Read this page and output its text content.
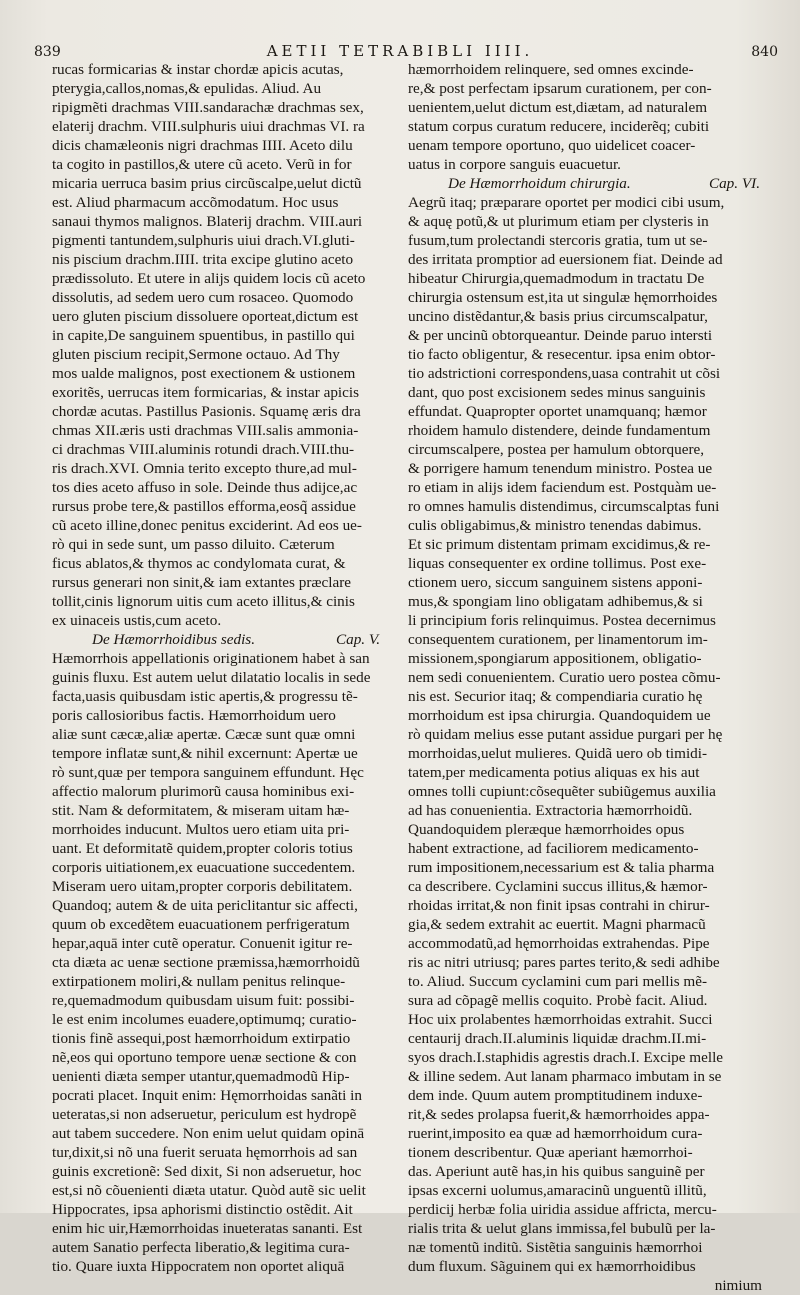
839	AETII TETRABIBLI IIII.	840
rucas formicarias & instar chordæ apicis acutas,
pterygia,callos,nomas,& epulidas. Aliud. Au
ripigmẽti drachmas VIII.sandarachæ drachmas sex,
elaterij drachm. VIII.sulphuris uiui drachmas VI. ra
dicis chamæleonis nigri drachmas IIII. Aceto dilu
ta cogito in pastillos,& utere cũ aceto. Verũ in for
micaria uerruca basim prius circũscalpe,uelut dictũ
est. Aliud pharmacum accõmodatum. Hoc usus
sanaui thymos malignos. Blaterij drachm. VIII.auri
pigmenti tantundem,sulphuris uiui drach.VI.gluti-
nis piscium drachm.IIII. trita excipe glutino aceto
prædissoluto. Et utere in alijs quidem locis cũ aceto
dissolutis, ad sedem uero cum rosaceo. Quomodo
uero gluten piscium dissoluere oporteat,dictum est
in capite,De sanguinem spuentibus, in pastillo qui
gluten piscium recipit,Sermone octauo. Ad Thy
mos ualde malignos, post exectionem & ustionem
exoritẽs, uerrucas item formicarias, & instar apicis
chordæ acutas. Pastillus Pasionis. Squamę æris dra
chmas XII.æris usti drachmas VIII.salis ammonia-
ci drachmas VIII.aluminis rotundi drach.VIII.thu-
ris drach.XVI. Omnia terito excepto thure,ad mul-
tos dies aceto affuso in sole. Deinde thus adijce,ac
rursus probe tere,& pastillos efforma,eosq̃ assidue
cũ aceto illine,donec penitus exciderint. Ad eos ue-
rò qui in sede sunt, um passo diluito. Cæterum
ficus ablatos,& thymos ac condylomata curat, &
rursus generari non sinit,& iam extantes præclare
tollit,cinis lignorum uitis cum aceto illitus,& cinis
ex uinaceis ustis,cum aceto.
De Hæmorrhoidibus sedis.	Cap. V.
Hæmorrhois appellationis originationem habet à san
guinis fluxu. Est autem uelut dilatatio localis in sede
facta,uasis quibusdam istic apertis,& progressu tẽ-
poris callosioribus factis. Hæmorrhoidum uero
aliæ sunt cæcæ,aliæ apertæ. Cæcæ sunt quæ omni
tempore inflatæ sunt,& nihil excernunt: Apertæ ue
rò sunt,quæ per tempora sanguinem effundunt. Hęc
affectio malorum plurimorũ causa hominibus exi-
stit. Nam & deformitatem, & miseram uitam hæ-
morrhoides inducunt. Multos uero etiam uita pri-
uant. Et deformitatẽ quidem,propter coloris totius
corporis uitiationem,ex euacuatione succedentem.
Miseram uero uitam,propter corporis debilitatem.
Quandoq; autem & de uita periclitantur sic affecti,
quum ob excedẽtem euacuationem perfrigeratum
hepar,aquā inter cutẽ operatur. Conuenit igitur re-
cta diæta ac uenæ sectione præmissa,hæmorrhoidũ
extirpationem moliri,& nullam penitus relinque-
re,quemadmodum quibusdam uisum fuit: possibi-
le est enim incolumes euadere,optimumq; curatio-
tionis finẽ assequi,post hæmorrhoidum extirpatio
nẽ,eos qui oportuno tempore uenæ sectione & con
uenienti diæta semper utantur,quemadmodũ Hip-
pocrati placet. Inquit enim: Hęmorrhoidas sanãti in
ueteratas,si non adseruetur, periculum est hydropẽ
aut tabem succedere. Non enim uelut quidam opinā
tur,dixit,si nõ una fuerit seruata hęmorrhois ad san
guinis excretionẽ: Sed dixit, Si non adseruetur, hoc
est,si nõ cõuenienti diæta utatur. Quòd autẽ sic uelit
Hippocrates, ipsa aphorismi distinctio ostẽdit. Ait
enim hic uir,Hæmorrhoidas inueteratas sananti. Est
autem Sanatio perfecta liberatio,& legitima cura-
tio. Quare iuxta Hippocratem non oportet aliquā
hæmorrhoidem relinquere, sed omnes excinde-
re,& post perfectam ipsarum curationem, per con-
uenientem,uelut dictum est,diætam, ad naturalem
statum corpus curatum reducere, inciderẽq; cubiti
uenam tempore oportuno, quo uidelicet coacer-
uatus in corpore sanguis euacuetur.
De Hæmorrhoidum chirurgia.	Cap. VI.
Aegrũ itaq; præparare oportet per modici cibi usum,
& aquę potũ,& ut plurimum etiam per clysteris in
fusum,tum prolectandi stercoris gratia, tum ut se-
des irritata promptior ad euersionem fiat. Deinde ad
hibeatur Chirurgia,quemadmodum in tractatu De
chirurgia ostensum est,ita ut singulæ hęmorrhoides
uncino distẽdantur,& basis prius circumscalpatur,
& per uncinũ obtorqueantur. Deinde paruo intersti
tio facto obligentur, & resecentur. ipsa enim obtor-
tio adstrictioni correspondens,uasa contrahit ut cõsi
dant, quo post excisionem sedes minus sanguinis
effundat. Quapropter oportet unamquanq; hæmor
rhoidem hamulo distendere, deinde fundamentum
circumscalpere, postea per hamulum obtorquere,
& porrigere hamum tenendum ministro. Postea ue
ro etiam in alijs idem faciendum est. Postquàm ue-
ro omnes hamulis distendimus, circumscalptas funi
culis obligabimus,& ministro tenendas dabimus.
Et sic primum distentam primam excidimus,& re-
liquas consequenter ex ordine tollimus. Post exe-
ctionem uero, siccum sanguinem sistens apponi-
mus,& spongiam lino obligatam adhibemus,& si
li principium foris relinquimus. Postea decernimus
consequentem curationem, per linamentorum im-
missionem,spongiarum appositionem, obligatio-
nem sedi conuenientem. Curatio uero postea cõmu-
nis est. Securior itaq; & compendiaria curatio hę
morrhoidum est ipsa chirurgia. Quandoquidem ue
rò quidam melius esse putant assidue purgari per hę
morrhoidas,uelut mulieres. Quidã uero ob timidi-
tatem,per medicamenta potius aliquas ex his aut
omnes tolli cupiunt:cõsequẽter subiũgemus auxilia
ad has conuenientia. Extractoria hæmorrhoidũ.
Quandoquidem pleræque hæmorrhoides opus
habent extractione, ad faciliorem medicamento-
rum impositionem,necessarium est & talia pharma
ca describere. Cyclamini succus illitus,& hæmor-
rhoidas irritat,& non finit ipsas contrahi in chirur-
gia,& sedem extrahit ac euertit. Magni pharmacũ
accommodatũ,ad hęmorrhoidas extrahendas. Pipe
ris ac nitri utriusq; pares partes terito,& sedi adhibe
to. Aliud. Succum cyclamini cum pari mellis mẽ-
sura ad cõpagẽ mellis coquito. Probè facit. Aliud.
Hoc uix prolabentes hæmorrhoidas extrahit. Succi
centaurij drach.II.aluminis liquidæ drachm.II.mi-
syos drach.I.staphidis agrestis drach.I. Excipe melle
& illine sedem. Aut lanam pharmaco imbutam in se
dem inde. Quum autem promptitudinem induxe-
rit,& sedes prolapsa fuerit,& hæmorrhoides appa-
ruerint,imposito ea quæ ad hæmorrhoidum cura-
tionem describentur. Quæ aperiant hæmorrhoi-
das. Aperiunt autẽ has,in his quibus sanguinẽ per
ipsas excerni uolumus,amaracinũ unguentũ illitũ,
perdicij herbæ folia uiridia assidue affricta, mercu-
rialis trita & uelut glans immissa,fel bubulũ per la-
næ tomentũ inditũ. Sistẽtia sanguinis hæmorrhoi
dum fluxum. Sãguinem qui ex hæmorrhoidibus
nimium
